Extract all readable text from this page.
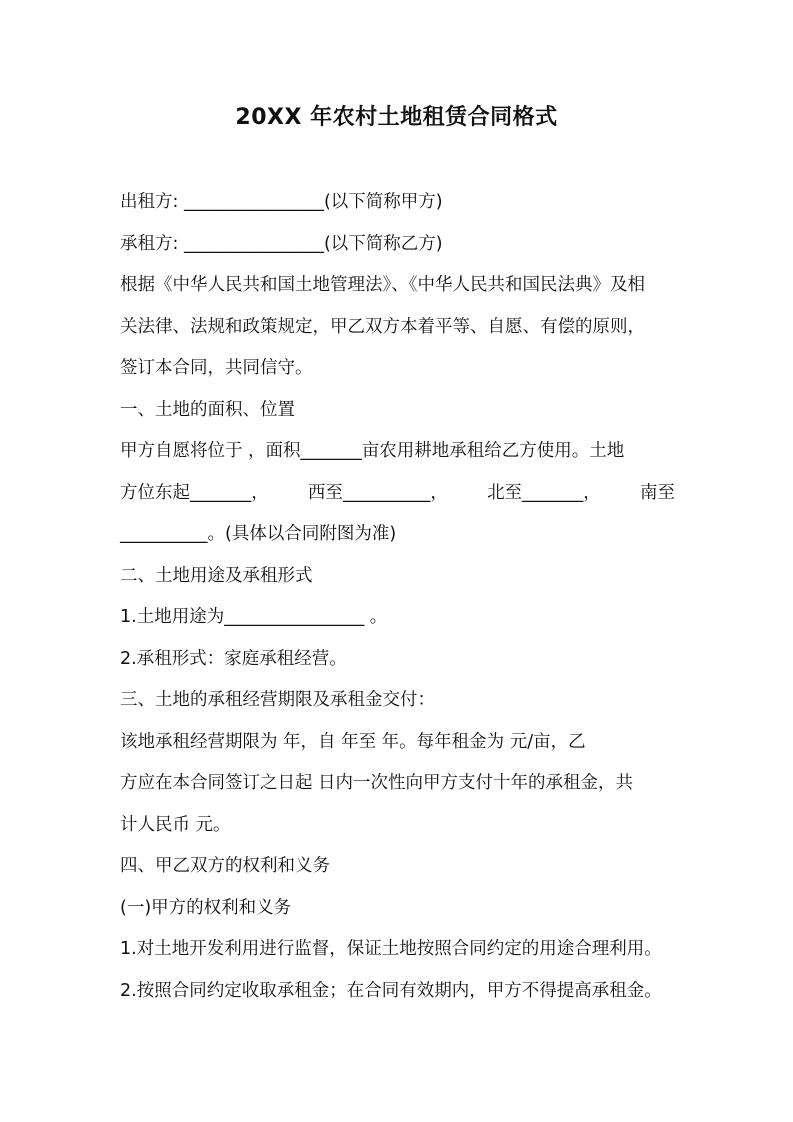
20XX 年农村土地租赁合同格式
出租方: ________________(以下简称甲方)
承租方: ________________(以下简称乙方)
根据《中华人民共和国土地管理法》、《中华人民共和国民法典》及相
关法律、法规和政策规定，甲乙双方本着平等、自愿、有偿的原则，
签订本合同，共同信守。
一、土地的面积、位置
甲方自愿将位于 ，面积_______亩农用耕地承租给乙方使用。土地
方位东起_______， 西至__________， 北至_______， 南至
__________。(具体以合同附图为准)
二、土地用途及承租形式
1.土地用途为________________ 。
2.承租形式：家庭承租经营。
三、土地的承租经营期限及承租金交付：
该地承租经营期限为 年，自 年至 年。每年租金为 元/亩，乙
方应在本合同签订之日起 日内一次性向甲方支付十年的承租金，共
计人民币 元。
四、甲乙双方的权利和义务
(一)甲方的权利和义务
1.对土地开发利用进行监督，保证土地按照合同约定的用途合理利用。
2.按照合同约定收取承租金；在合同有效期内，甲方不得提高承租金。
